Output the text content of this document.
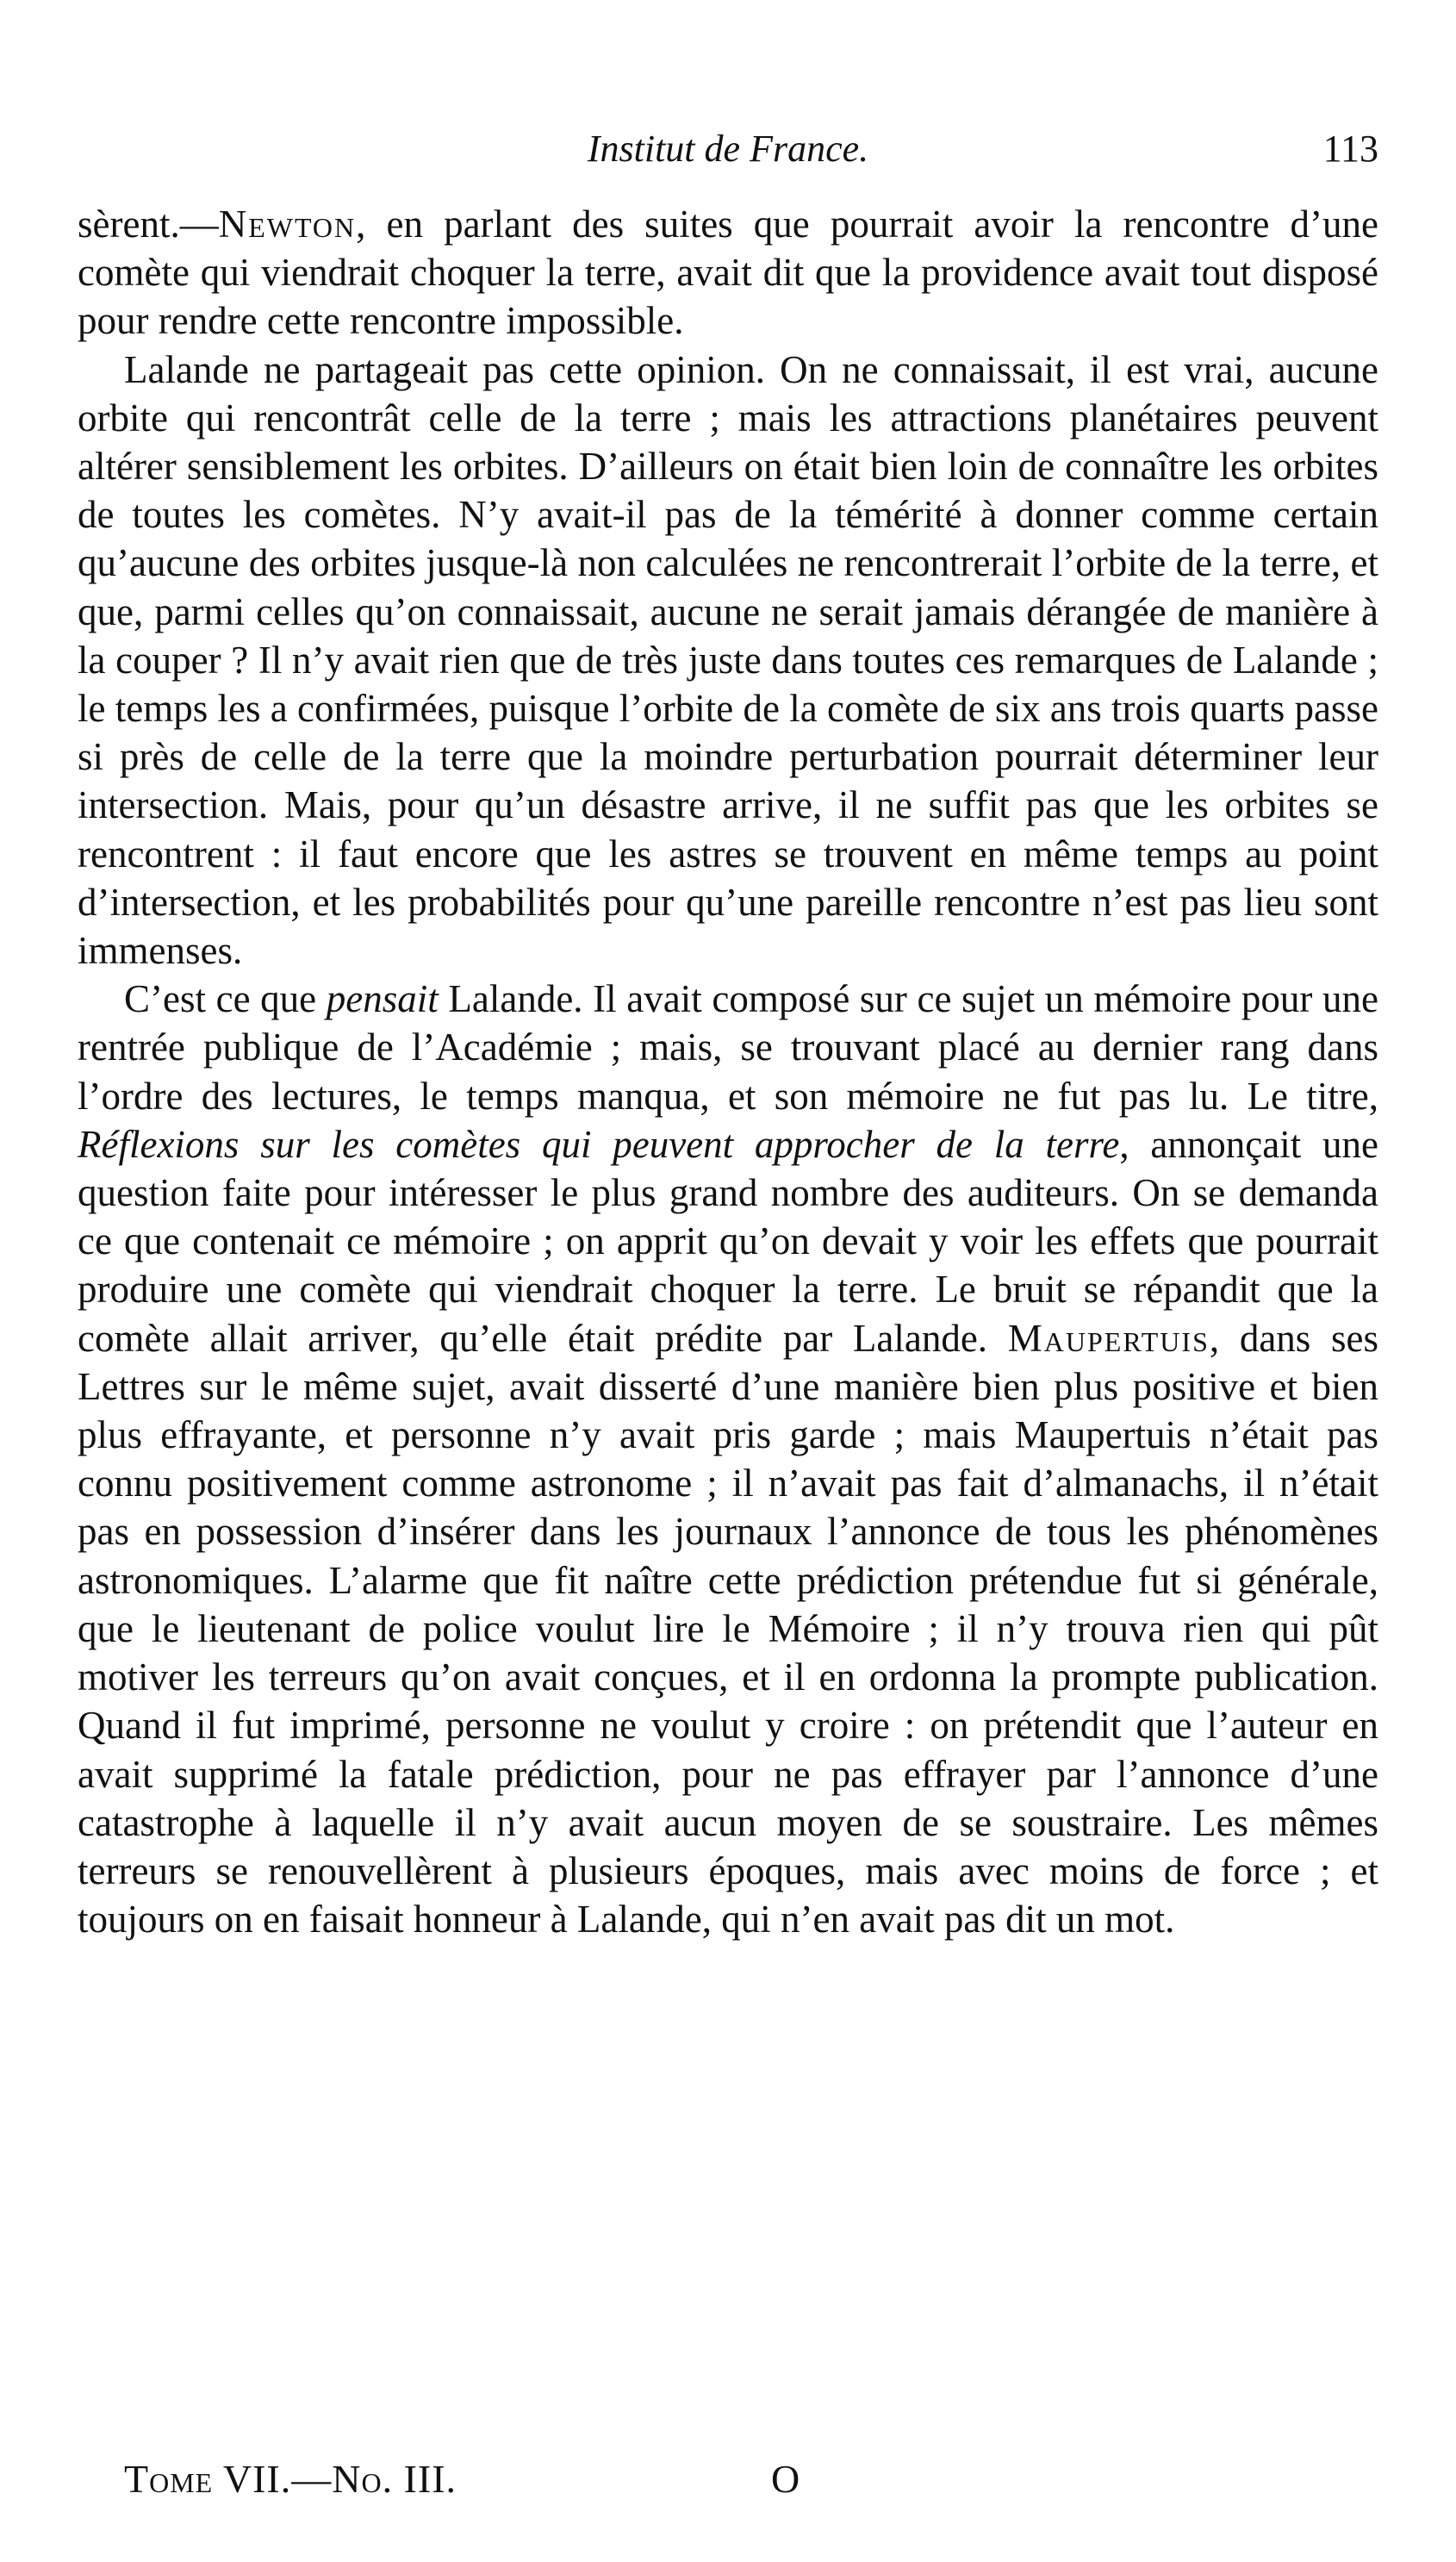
Institut de France.	113

sèrent.—Newton, en parlant des suites que pourrait avoir la rencontre d’une comète qui viendrait choquer la terre, avait dit que la providence avait tout disposé pour rendre cette rencontre impossible.

Lalande ne partageait pas cette opinion. On ne connaissait, il est vrai, aucune orbite qui rencontrât celle de la terre ; mais les attractions planétaires peuvent altérer sensiblement les orbites. D’ailleurs on était bien loin de connaître les orbites de toutes les comètes. N’y avait-il pas de la témérité à donner comme certain qu’aucune des orbites jusque-là non calculées ne rencontrerait l’orbite de la terre, et que, parmi celles qu’on connaissait, aucune ne serait jamais dérangée de manière à la couper ? Il n’y avait rien que de très juste dans toutes ces remarques de Lalande ; le temps les a confirmées, puisque l’orbite de la comète de six ans trois quarts passe si près de celle de la terre que la moindre perturbation pourrait déterminer leur intersection. Mais, pour qu’un désastre arrive, il ne suffit pas que les orbites se rencontrent : il faut encore que les astres se trouvent en même temps au point d’intersection, et les probabilités pour qu’une pareille rencontre n’est pas lieu sont immenses.

C’est ce que pensait Lalande. Il avait composé sur ce sujet un mémoire pour une rentrée publique de l’Académie ; mais, se trouvant placé au dernier rang dans l’ordre des lectures, le temps manqua, et son mémoire ne fut pas lu. Le titre, Réflexions sur les comètes qui peuvent approcher de la terre, annonçait une question faite pour intéresser le plus grand nombre des auditeurs. On se demanda ce que contenait ce mémoire ; on apprit qu’on devait y voir les effets que pourrait produire une comète qui viendrait choquer la terre. Le bruit se répandit que la comète allait arriver, qu’elle était prédite par Lalande. Maupertuis, dans ses Lettres sur le même sujet, avait disserté d’une manière bien plus positive et bien plus effrayante, et personne n’y avait pris garde ; mais Maupertuis n’était pas connu positivement comme astronome ; il n’avait pas fait d’almanachs, il n’était pas en possession d’insérer dans les journaux l’annonce de tous les phénomènes astronomiques. L’alarme que fit naître cette prédiction prétendue fut si générale, que le lieutenant de police voulut lire le Mémoire ; il n’y trouva rien qui pût motiver les terreurs qu’on avait conçues, et il en ordonna la prompte publication. Quand il fut imprimé, personne ne voulut y croire : on prétendit que l’auteur en avait supprimé la fatale prédiction, pour ne pas effrayer par l’annonce d’une catastrophe à laquelle il n’y avait aucun moyen de se soustraire. Les mêmes terreurs se renouvellèrent à plusieurs époques, mais avec moins de force ; et toujours on en faisait honneur à Lalande, qui n’en avait pas dit un mot.

Tome VII.—No. III.	O
